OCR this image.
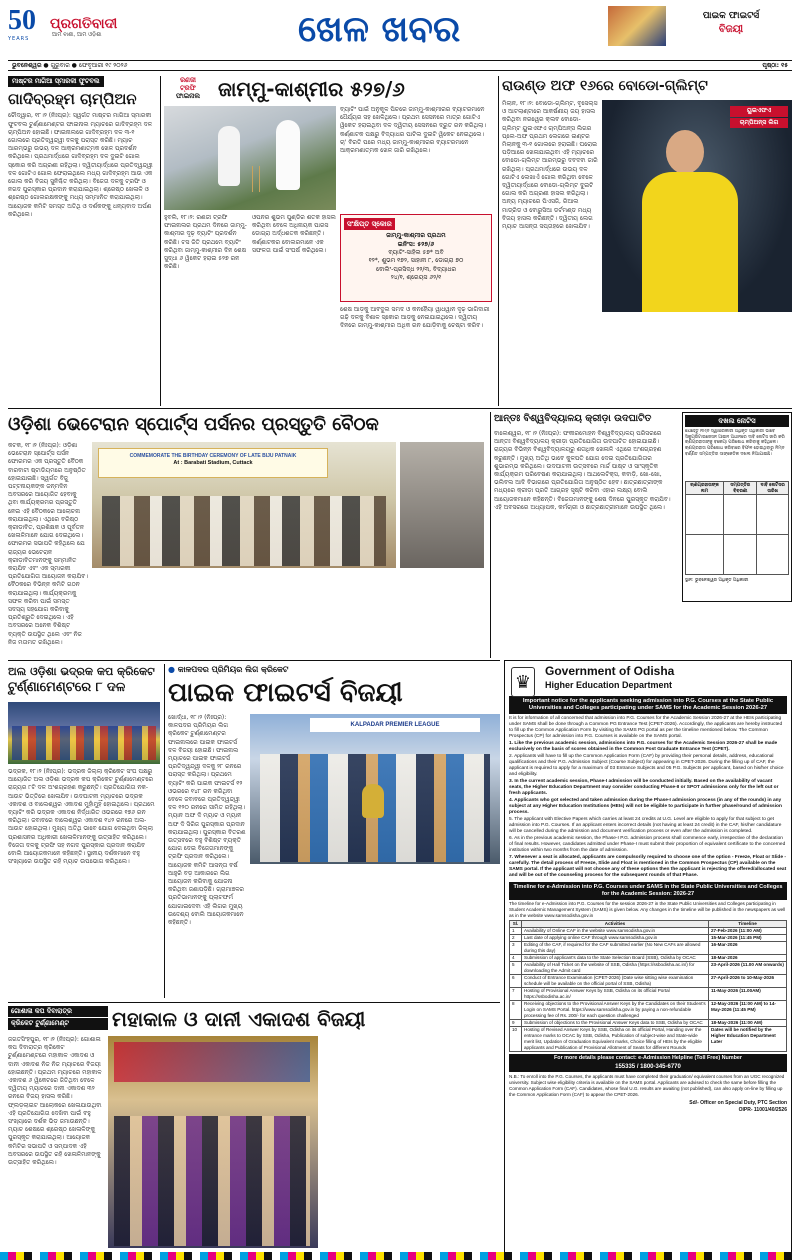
50
YEARS
ପ୍ରଗତିବାଦୀ
ଆମ ବାଣୀ, ଆମ ଓଡ଼ିଶା	ଖେଳ ଖବର	ପାଇକ ଫାଇଟର୍ସ
ବିଜୟୀ
ଭୁବନେଶ୍ୱର ● ଗୁରୁବାର ● ଫେବୃଆରୀ ୧୯ ୨୦୨୬	ପୃଷ୍ଠା: ୧୫
ମାଷ୍ଟର ମାଗିଆ ସ୍ମାରକୀ ଫୁଟବଲ
ଗାଦିବ୍ରହ୍ମ ଚାମ୍ପିଅନ
ଚୌଦ୍ୱାର, ୧୮।୨ (ନିଃପ୍ର): ସ୍ୱର୍ଗତ ମାଷ୍ଟର ମାଗିଆ ସ୍ମାରକୀ ଫୁଟବଲ ଟୁର୍ଣ୍ଣାମେଣ୍ଟର ଫାଇନାଲ ମ୍ୟାଚରେ ଗାଦିବ୍ରହ୍ମ ଦଳ ଚାମ୍ପିଅନ ହୋଇଛି। ଫାଇନାଲରେ ଗାଦିବ୍ରହ୍ମ ଦଳ ୩-୧ ଗୋଲରେ ପ୍ରତିଦ୍ୱନ୍ଦ୍ୱୀ ଦଳକୁ ପରାସ୍ତ କରିଛି। ମ୍ୟାଚ ଆରମ୍ଭରୁ ଉଭୟ ଦଳ ଆକ୍ରମଣାତ୍ମକ ଖେଳ ପ୍ରଦର୍ଶନ କରିଥିଲେ। ପ୍ରଥମାର୍ଦ୍ଧରେ ଗାଦିବ୍ରହ୍ମ ଦଳ ଦୁଇଟି ଗୋଲ ସ୍କୋର କରି ଅଗ୍ରଣୀ ରହିଥିଲା। ଦ୍ୱିତୀୟାର୍ଦ୍ଧରେ ପ୍ରତିଦ୍ୱନ୍ଦ୍ୱୀ ଦଳ ଗୋଟିଏ ଗୋଲ ଫେରାଇଥିଲେ ମଧ୍ୟ ଗାଦିବ୍ରହ୍ମ ଆଉ ଏକ ଗୋଲ କରି ବିଜୟ ସୁନିଶ୍ଚିତ କରିଥିଲା। ବିଜେତା ଦଳକୁ ଟ୍ରଫି ଓ ନଗଦ ପୁରସ୍କାର ପ୍ରଦାନ କରାଯାଇଥିଲା। ଶ୍ରେଷ୍ଠ ଖେଳାଳି ଓ ଶ୍ରେଷ୍ଠ ଗୋଲରକ୍ଷକଙ୍କୁ ମଧ୍ୟ ସମ୍ମାନିତ କରାଯାଇଥିଲା। ଆୟୋଜକ କମିଟି ସମସ୍ତ ଅତିଥି ଓ ଦର୍ଶକଙ୍କୁ ଧନ୍ୟବାଦ ଅର୍ପଣ କରିଥିଲେ।
ରଣଜୀ
ଟ୍ରଫି
ଫାଇନାଲ ଜାମ୍ମୁ-କାଶ୍ମୀର ୫୨୭/୬
ବ୍ୟାଟିଂ ପାଇଁ ଅନୁକୂଳ ପିଚରେ ଜାମ୍ମୁ-କାଶ୍ମୀରର ବ୍ୟାଟରମାନେ ଧୈର୍ଯ୍ୟର ସହ ଖେଳିଥିଲେ। ପ୍ରଥମ ସେସନରେ ମାତ୍ର ଗୋଟିଏ ୱିକେଟ ହରାଇଥିବା ଦଳ ଦ୍ୱିତୀୟ ସେସନରେ ଦ୍ରୁତ ରନ କରିଥିଲା। କର୍ଣ୍ଣାଟକ ପକ୍ଷରୁ ବିଦ୍ୟାଧର ପାଟିଲ ଦୁଇଟି ୱିକେଟ ନେଇଥିଲେ। ଚା' ବିରତି ପରେ ମଧ୍ୟ ଜାମ୍ମୁ-କାଶ୍ମୀରର ବ୍ୟାଟରମାନେ ଆକ୍ରମଣାତ୍ମକ ଖେଳ ଜାରି ରଖିଥିଲେ।
ସଂକ୍ଷିପ୍ତ ସ୍କୋର
ଜାମ୍ମୁ-କାଶ୍ମୀର ପ୍ରଥମ
ଇନିଂସ: ୫୨୭/୬
ବ୍ୟାଟିଂ-ସାହିଲ ୫୭* ଅବି
୧୨*, ଶୁଭମ ୧୭୨, ସାହାନୀ ୮, ଡୋଗ୍ରା ୭୦
ବୋଲିଂ-ପ୍ରସିଦ୍ଧ ୨୨/୩, ବିଦ୍ୟାଧର
୨୪/୧, ଶ୍ରେୟସ ୬୨/୧
ହୁବଲି, ୧୮।୨: ରଣଜୀ ଟ୍ରଫି ଫାଇନାଲର ପ୍ରଥମ ଦିନରେ ଜାମ୍ମୁ-କାଶ୍ମୀର ଦୃଢ଼ ବ୍ୟାଟିଂ ପ୍ରଦର୍ଶନ କରିଛି। ଟସ ଜିତି ପ୍ରଥମେ ବ୍ୟାଟିଂ କରିଥିବା ଜାମ୍ମୁ-କାଶ୍ମୀର ଦିନ ଶେଷ ସୁଦ୍ଧା ୬ ୱିକେଟ ହରାଇ ୫୨୭ ରନ କରିଛି।
ଓପନର ଶୁଭମ ପୁଣ୍ଡିର ଶତକ ହାସଲ କରିଥିବା ବେଳେ ଅଧିନାୟକ ପାରସ ଡୋଗ୍ରା ଅର୍ଦ୍ଧଶତକ କରିଛନ୍ତି। କର୍ଣ୍ଣାଟକର ବୋଲରମାନେ ଏକ ସଫଳତା ପାଇଁ ସଂଘର୍ଷ କରିଥିଲେ।
ଶେଷ ଆଡ଼କୁ ଆବଦୁଲ ସମଦ ଓ କନହୈୟା ୱାଧୱାନ ଦୃଢ଼ ଭାଗିଦାରୀ ଗଢ଼ି ଦଳକୁ ବିଶାଳ ସ୍କୋର ଆଡ଼କୁ ନେଇଯାଇଥିଲେ। ଦ୍ୱିତୀୟ ଦିନରେ ଜାମ୍ମୁ-କାଶ୍ମୀର ଅଧିକ ରନ ଯୋଡ଼ିବାକୁ ଚେଷ୍ଟା କରିବ।
ରାଉଣ୍ଡ ଅଫ ୧୬ରେ ବୋଡୋ-ଗ୍ଲିମ୍ଟ
ମିଲାନ, ୧୮।୨: ବୋଡୋ-ଗ୍ଲିମ୍ଟ, ବୃସେଲ୍ସ ଓ ଆଟଲାଣ୍ଟାରେ ଆକର୍ଷଣୀୟ ଜୟ ହାସଲ କରିଥିବା ନରୱେର କ୍ଲବ ବୋଡୋ-ଗ୍ଲିମ୍ଟ ୟୁଇଏଫଏ ଚାମ୍ପିଅନ୍ସ ଲିଗର ପ୍ଲେ-ଅଫ ପ୍ରଥମ ଲେଗରେ ଇଣ୍ଟର ମିଲାନକୁ ୩-୧ ଗୋଲରେ ହରାଇଛି। ଘରୋଇ ପଡ଼ିଆରେ ଖେଳାଯାଇଥିବା ଏହି ମ୍ୟାଚରେ ବୋଡୋ-ଗ୍ଲିମ୍ଟ ଆରମ୍ଭରୁ ଦବଦବା ଜାରି ରଖିଥିଲା। ପ୍ରଥମାର୍ଦ୍ଧରେ ଉଭୟ ଦଳ ଗୋଟିଏ ଲେଖାଏଁ ଗୋଲ କରିଥିବା ବେଳେ ଦ୍ୱିତୀୟାର୍ଦ୍ଧରେ ବୋଡୋ-ଗ୍ଲିମ୍ଟ ଦୁଇଟି ଗୋଲ କରି ଅଗ୍ରଣୀ ହାସଲ କରିଥିଲା। ଅନ୍ୟ ମ୍ୟାଚରେ ପିଏସଜି, ରିଆଲ ମାଡ୍ରିଡ ଓ ବୋରୁସିଆ ଡର୍ଟମଣ୍ଡ ମଧ୍ୟ ବିଜୟ ହାସଲ କରିଛନ୍ତି। ଦ୍ୱିତୀୟ ଲେଗ ମ୍ୟାଚ ଆସନ୍ତା ସପ୍ତାହରେ ଖେଳାଯିବ।
ୟୁଇଏଫଏ
ଚାମ୍ପିଅନ୍ସ ଲିଗ
ଓଡ଼ିଶା ଭେଟେରାନ ସ୍ପୋର୍ଟ୍ସ ପର୍ସନର ପ୍ରସ୍ତୁତି ବୈଠକ
କଟକ, ୧୮।୨ (ନିଃପ୍ର): ଓଡ଼ିଶା ଭେଟେରାନ ସ୍ପୋର୍ଟ୍ସ ପର୍ସନ ଫୋରମର ଏକ ପ୍ରସ୍ତୁତି ବୈଠକ ବାରବାଟୀ ଷ୍ଟାଡିୟମରେ ଅନୁଷ୍ଠିତ ହୋଇଯାଇଛି। ସ୍ୱର୍ଗତ ବିଜୁ ପଟ୍ଟନାୟକଙ୍କ ଜନ୍ମଦିନ ଅବସରରେ ଆୟୋଜିତ ହେବାକୁ ଥିବା କାର୍ଯ୍ୟକ୍ରମର ପ୍ରସ୍ତୁତି ନେଇ ଏହି ବୈଠକରେ ଆଲୋଚନା କରାଯାଇଥିଲା। ଏଥିରେ ବରିଷ୍ଠ କ୍ରୀଡ଼ାବିତ, ପ୍ରଶିକ୍ଷକ ଓ ପୂର୍ବତନ ଖେଳାଳିମାନେ ଯୋଗ ଦେଇଥିଲେ। ଫୋରମର ସଭାପତି କହିଥିଲେ ଯେ ରାଜ୍ୟର ଭେଟେରାନ କ୍ରୀଡ଼ାବିତମାନଙ୍କୁ ସମ୍ମାନିତ କରାଯିବ ଏବଂ ଏକ ସ୍ମାରକୀ ପ୍ରତିଯୋଗିତା ଆୟୋଜନ କରାଯିବ। ବୈଠକରେ ବିଭିନ୍ନ କମିଟି ଗଠନ କରାଯାଇଥିଲା। କାର୍ଯ୍ୟକ୍ରମକୁ ସଫଳ କରିବା ପାଇଁ ସମସ୍ତ ସଦସ୍ୟ ସହଯୋଗ କରିବାକୁ ପ୍ରତିଶ୍ରୁତି ଦେଇଥିଲେ। ଏହି ଅବସରରେ ଅନେକ ବିଶିଷ୍ଟ ବ୍ୟକ୍ତି ଉପସ୍ଥିତ ଥିଲେ ଏବଂ ନିଜ ନିଜ ମତାମତ ରଖିଥିଲେ।
COMMEMORATE THE BIRTHDAY CEREMONY OF LATE BIJU PATNAIK
At : Barabati Stadium, Cuttack
ଆନ୍ତଃ ବିଶ୍ୱବିଦ୍ୟାଳୟ କ୍ରୀଡ଼ା ଉଦଘାଟିତ
ବାଲେଶ୍ୱର, ୧୮।୨ (ନିଃପ୍ର): ଫକୀରମୋହନ ବିଶ୍ୱବିଦ୍ୟାଳୟ ପରିସରରେ ଆନ୍ତଃ ବିଶ୍ୱବିଦ୍ୟାଳୟ କ୍ରୀଡ଼ା ପ୍ରତିଯୋଗିତା ଉଦଘାଟିତ ହୋଇଯାଇଛି। ରାଜ୍ୟର ବିଭିନ୍ନ ବିଶ୍ୱବିଦ୍ୟାଳୟରୁ ଶତାଧିକ ଖେଳାଳି ଏଥିରେ ଅଂଶଗ୍ରହଣ କରୁଛନ୍ତି। ମୁଖ୍ୟ ଅତିଥି ଭାବେ କୁଳପତି ଯୋଗ ଦେଇ ପ୍ରତିଯୋଗିତାର ଶୁଭାରମ୍ଭ କରିଥିଲେ। ଉଦଘାଟନୀ ଉତ୍ସବରେ ମାର୍ଚ୍ଚ ପାଷ୍ଟ ଓ ସାଂସ୍କୃତିକ କାର୍ଯ୍ୟକ୍ରମ ପରିବେଷଣ କରାଯାଇଥିଲା। ଆଥଲେଟିକ୍ସ, କବାଡ଼ି, ଖୋ-ଖୋ, ଭଲିବଲ ଆଦି ବିଭାଗରେ ପ୍ରତିଯୋଗିତା ଅନୁଷ୍ଠିତ ହେବ। ଛାତ୍ରଛାତ୍ରୀଙ୍କ ମଧ୍ୟରେ କ୍ରୀଡ଼ା ପ୍ରତି ଆଗ୍ରହ ସୃଷ୍ଟି କରିବା ଏହାର ଲକ୍ଷ୍ୟ ବୋଲି ଆୟୋଜକମାନେ କହିଛନ୍ତି। ବିଜେତାମାନଙ୍କୁ ଶେଷ ଦିନରେ ପୁରସ୍କୃତ କରାଯିବ। ଏହି ଅବସରରେ ଅଧ୍ୟାପକ, କର୍ମଚାରୀ ଓ ଛାତ୍ରଛାତ୍ରୀମାନେ ଉପସ୍ଥିତ ଥିଲେ।
ଦଖଲ ନୋଟିସ
ଯେହେତୁ ନିମ୍ନ ସ୍ୱାକ୍ଷରକାରୀ ଅଧିକୃତ ଅଧିକାରୀ ଭାବେ ସିକ୍ୟୁରିଟାଇଜେସନ ଆଇନ ଅଧୀନରେ ଦାବି ନୋଟିସ ଜାରି କରି ଋଣଗ୍ରହୀତାଙ୍କୁ ବକେୟା ପରିଶୋଧ କରିବାକୁ କହିଥିଲେ। ଋଣଗ୍ରହୀତା ପରିଶୋଧ କରିବାରେ ବିଫଳ ହୋଇଥିବାରୁ ନିମ୍ନ ବର୍ଣ୍ଣିତ ସମ୍ପତ୍ତିର ସାଙ୍କେତିକ ଦଖଲ ନିଆଯାଇଛି।
ଋଣଗ୍ରହୀତାଙ୍କ ନାମ	ସମ୍ପତ୍ତିର ବିବରଣୀ	ଦାବି ନୋଟିସର ତାରିଖ

ସ୍ଥାନ: ଭୁବନେଶ୍ୱର ଅଧିକୃତ ଅଧିକାରୀ
♛
Government of Odisha
Higher Education Department
Important notice for the applicants seeking admission into P.G. Courses at the State Public Universities and Colleges participating under SAMS for the Academic Session 2026-27
It is for information of all concerned that admission into P.G. Courses for the Academic Session 2026-27 at the HEIs participating under SAMS shall be done through a Common PG Entrance Test (CPET-2026). Accordingly, the applicants are hereby instructed to fill up the Common Application Form by visiting the SAMS PG portal as per the timeline mentioned below. The Common Prospectus (CP) for admission into P.G. Courses is available on the SAMS portal.
1. Like the previous academic session, admissions into P.G. courses for the Academic Session 2026-27 shall be made exclusively on the basis of scores obtained in the Common Post Graduate Entrance Test (CPET).
2. Applicants will have to fill up the Common Application Form (CAF) by providing their personal details, address, educational qualifications and their P.G. Admission Subject (Course Subject) for appearing in CPET-2026. During the filling up of CAF, the applicant is required to apply for a maximum of 03 Entrance Subjects and 05 P.G. Subjects per applicant, based on his/her choice and eligibility.
3. In the current academic session, Phase-I admission will be conducted initially. Based on the availability of vacant seats, the Higher Education Department may consider conducting Phase-II or SPOT admissions only for the left out or fresh applicants.
4. Applicants who got selected and taken admission during the Phase-I admission process (in any of the rounds) in any subject at any Higher Education Institutions (HEIs) will not be eligible to participate in further phase/round of admission process.
5. The applicant with Elective Papers which carries at least 24 credits at U.G. Level are eligible to apply for that subject to get admission into P.G. Courses. If an applicant enters incorrect details (not having at least 24 credit) in the CAF, his/her candidature will be cancelled during the admission and document verification process or even after the admission is completed.
6. As in the previous academic session, the Phase-I P.G. admission process shall commence early, irrespective of the declaration of final results. However, candidates admitted under Phase-I must submit their proportion of equivalent certificate to the concerned institution within two months from the date of admission.
7. Whenever a seat is allocated, applicants are compulsorily required to choose one of the option - Freeze, Float or Slide - carefully. The detail process of Freeze, Slide and Float is mentioned in the Common Prospectus (CP) available on the SAMS portal. If the applicant will not choose any of these options then the applicant is rejecting the offered/allocated seat and will be out of the counseling process for the subsequent rounds of that Phase.
Timeline for e-Admission into P.G. Courses under SAMS in the State Public Universities and Colleges for the Academic Session: 2026-27
The timeline for e-Admission into P.G. Courses for the session 2026-27 in the State Public Universities and Colleges participating in Student Academic Management System (SAMS) is given below. Any changes in the timeline will be published in the newspapers as well as in the website www.samsodisha.gov.in
Sl.	Activities	Timeline
1	Availability of Online CAF in the website www.samsodisha.gov.in	27-Feb-2026 (11:00 AM)
2	Last date of applying online CAF through www.samsodisha.gov.in	15-Mar-2026 (11:45 PM)
3	Editing of the CAF, if required for the CAF submitted earlier (No New CAFs are allowed during this day)	16-Mar-2026
4	Submission of applicant's data to the State Selection Board (SSB), Odisha by OCAC	18-Mar-2026
5	Availability of Hall Ticket on the website of SSB, Odisha (https://ssbodisha.ac.in/) for downloading the Admit card	23-April-2026 (11.00 AM onwards)
6	Conduct of Entrance Examination (CPET-2026) (Date wise sitting wise examination schedule will be available on the official portal of SSB, Odisha)	27-April-2026 to 10-May-2026
7	Hosting of Provisional Answer Keys by SSB, Odisha on its official Portal https://ssbodisha.ac.in/	11-May-2026 (11.00AM)
8	Receiving objections to the Provisional Answer Keys by the Candidates on their Student's Login on SAMS Portal. https://www.samsodisha.gov.in by paying a non-refundable processing fee of Rs. 200/- for each question challenged	12-May-2026 (11:00 AM) to 14-May-2026 (11:45 PM)
9	Submission of objections to the Provisional Answer Keys data to SSB, Odisha by OCAC	18-May-2026 (11:00 AM)
10	Hosting of Revised Answer Keys by SSB, Odisha on its official Portal, Handing over the entrance marks to OCAC by SSB, Odisha, Publication of subject-wise and State-wide merit list, Updation of Graduation Equivalent marks, Choice filling of HEIs by the eligible applicants and Publication of Provisional Allotment of Seats for different Rounds	Dates will be notified by the Higher Education Department Later
For more details please contact: e-Admission Helpline (Toll Free) Number
155335 / 1800-345-6770
N.B.: To enroll into the P.G. Courses, the applicants must have completed their graduation/ equivalent courses from an UGC recognized university. Subject wise eligibility criteria is available on the SAMS portal. Applicants are advised to check the same before filling the Common Application Form (CAF). Candidates, whose final U.G. results are awaiting (not published), can also apply on-line by filling up the Common Application Form (CAF) to appear the CPET-2026.
Sd/- Officer on Special Duty, PTC Section
OIPR- 11001/40/2526
ଅଲ ଓଡ଼ିଶା ଭଦ୍ରକ କପ କ୍ରିକେଟ
ଟୁର୍ଣ୍ଣାମେଣ୍ଟରେ ୮ ଦଳ
ଭଦ୍ରକ, ୧୮।୨ (ନିଃପ୍ର): ଭଦ୍ରକ ଜିଲ୍ଲା କ୍ରିକେଟ ସଂଘ ପକ୍ଷରୁ ଆୟୋଜିତ ଅଲ ଓଡ଼ିଶା ଭଦ୍ରକ କପ କ୍ରିକେଟ ଟୁର୍ଣ୍ଣାମେଣ୍ଟରେ ରାଜ୍ୟର ୮ଟି ଦଳ ଅଂଶଗ୍ରହଣ କରୁଛନ୍ତି। ପ୍ରତିଯୋଗିତା ନକ-ଆଉଟ ଭିତ୍ତିରେ ଖେଳାଯିବ। ଉଦଘାଟନୀ ମ୍ୟାଚରେ ଭଦ୍ରକ ଏକାଦଶ ଓ ବାଲେଶ୍ୱର ଏକାଦଶ ମୁହାଁମୁହିଁ ହୋଇଥିଲେ। ପ୍ରଥମେ ବ୍ୟାଟିଂ କରି ଭଦ୍ରକ ଏକାଦଶ ନିର୍ଦ୍ଧାରିତ ଓଭରରେ ୧୭୬ ରନ କରିଥିଲା। ଜବାବରେ ବାଲେଶ୍ୱର ଏକାଦଶ ୧୪୨ ରନରେ ଅଲ-ଆଉଟ ହୋଇଥିଲା। ମୁଖ୍ୟ ଅତିଥି ଭାବେ ଯୋଗ ଦେଇଥିବା ଜିଲ୍ଲା ପ୍ରଶାସନର ଅଧିକାରୀ ଖେଳାଳିମାନଙ୍କୁ ଉତ୍ସାହିତ କରିଥିଲେ। ବିଜେତା ଦଳକୁ ଟ୍ରଫି ସହ ନଗଦ ପୁରସ୍କାର ପ୍ରଦାନ କରାଯିବ ବୋଲି ଆୟୋଜକମାନେ କହିଛନ୍ତି। ସ୍ଥାନୀୟ ଦର୍ଶକମାନେ ବହୁ ସଂଖ୍ୟାରେ ଉପସ୍ଥିତ ରହି ମ୍ୟାଚ ଉପଭୋଗ କରିଥିଲେ।
● କାଳପଦର ପ୍ରିମିୟର ଲିଗ କ୍ରିକେଟ
ପାଇକ ଫାଇଟର୍ସ ବିଜୟୀ
ଖୋର୍ଦ୍ଧା, ୧୮।୨ (ନିଃପ୍ର): କାଳପଦର ପ୍ରିମିୟର ଲିଗ କ୍ରିକେଟ ଟୁର୍ଣ୍ଣାମେଣ୍ଟର ଫାଇନାଲରେ ପାଇକ ଫାଇଟର୍ସ ଦଳ ବିଜୟୀ ହୋଇଛି। ଫାଇନାଲ ମ୍ୟାଚରେ ପାଇକ ଫାଇଟର୍ସ ପ୍ରତିଦ୍ୱନ୍ଦ୍ୱୀ ଦଳକୁ ୨୮ ରନରେ ପରାସ୍ତ କରିଥିଲା। ପ୍ରଥମେ ବ୍ୟାଟିଂ କରି ପାଇକ ଫାଇଟର୍ସ ୧୨ ଓଭରରେ ୧୪୮ ରନ କରିଥିବା ବେଳେ ଜବାବରେ ପ୍ରତିଦ୍ୱନ୍ଦ୍ୱୀ ଦଳ ୧୨୦ ରନରେ ସୀମିତ ରହିଥିଲା। ମ୍ୟାନ ଅଫ ଦି ମ୍ୟାଚ ଓ ମ୍ୟାନ ଅଫ ଦି ସିରିଜ ପୁରସ୍କାର ପ୍ରଦାନ କରାଯାଇଥିଲା। ପୁରସ୍କାର ବିତରଣ ଉତ୍ସବରେ ବହୁ ବିଶିଷ୍ଟ ବ୍ୟକ୍ତି ଯୋଗ ଦେଇ ବିଜେତାମାନଙ୍କୁ ଟ୍ରଫି ପ୍ରଦାନ କରିଥିଲେ। ଆୟୋଜକ କମିଟି ଆସନ୍ତା ବର୍ଷ ଆହୁରି ବଡ଼ ଆକାରରେ ଲିଗ ଆୟୋଜନ କରିବାକୁ ଯୋଜନା କରିଥିବା ଜଣାପଡ଼ିଛି। ଗ୍ରାମାଞ୍ଚଳର ପ୍ରତିଭାମାନଙ୍କୁ ପ୍ଲାଟଫର୍ମ ଯୋଗାଇଦେବା ଏହି ଲିଗର ମୁଖ୍ୟ ଉଦ୍ଦେଶ୍ୟ ବୋଲି ଆୟୋଜକମାନେ କହିଛନ୍ତି।
KALPADAR PREMIER LEAGUE
ଗୋଶାଳା କପ ଦିବାରାତ୍ର
କ୍ରିକେଟ ଟୁର୍ଣ୍ଣାମେଣ୍ଟ	ମହାକାଳ ଓ ଦାନୀ ଏକାଦଶ ବିଜୟୀ
ଜଗତସିଂହପୁର, ୧୮।୨ (ନିଃପ୍ର): ଗୋଶାଳା କପ ଦିବାରାତ୍ର କ୍ରିକେଟ ଟୁର୍ଣ୍ଣାମେଣ୍ଟରେ ମହାକାଳ ଏକାଦଶ ଓ ଦାନୀ ଏକାଦଶ ନିଜ ନିଜ ମ୍ୟାଚରେ ବିଜୟୀ ହୋଇଛନ୍ତି। ପ୍ରଥମ ମ୍ୟାଚରେ ମହାକାଳ ଏକାଦଶ ୬ ୱିକେଟରେ ଜିତିଥିବା ବେଳେ ଦ୍ୱିତୀୟ ମ୍ୟାଚରେ ଦାନୀ ଏକାଦଶ ୩୨ ରନରେ ବିଜୟ ହାସଲ କରିଛି। ଫ୍ଲଡ଼ଲାଇଟ ଆଲୋକରେ ଖେଳାଯାଉଥିବା ଏହି ପ୍ରତିଯୋଗିତା ଦେଖିବା ପାଇଁ ବହୁ ସଂଖ୍ୟାରେ ଦର୍ଶକ ଭିଡ଼ ଜମାଉଛନ୍ତି। ମ୍ୟାଚ ଶେଷରେ ଶ୍ରେଷ୍ଠ ଖେଳାଳିଙ୍କୁ ପୁରସ୍କୃତ କରାଯାଇଥିଲା। ଆୟୋଜକ କମିଟିର ସଭାପତି ଓ ସମ୍ପାଦକ ଏହି ଅବସରରେ ଉପସ୍ଥିତ ରହି ଖେଳାଳିମାନଙ୍କୁ ଉତ୍ସାହିତ କରିଥିଲେ।
